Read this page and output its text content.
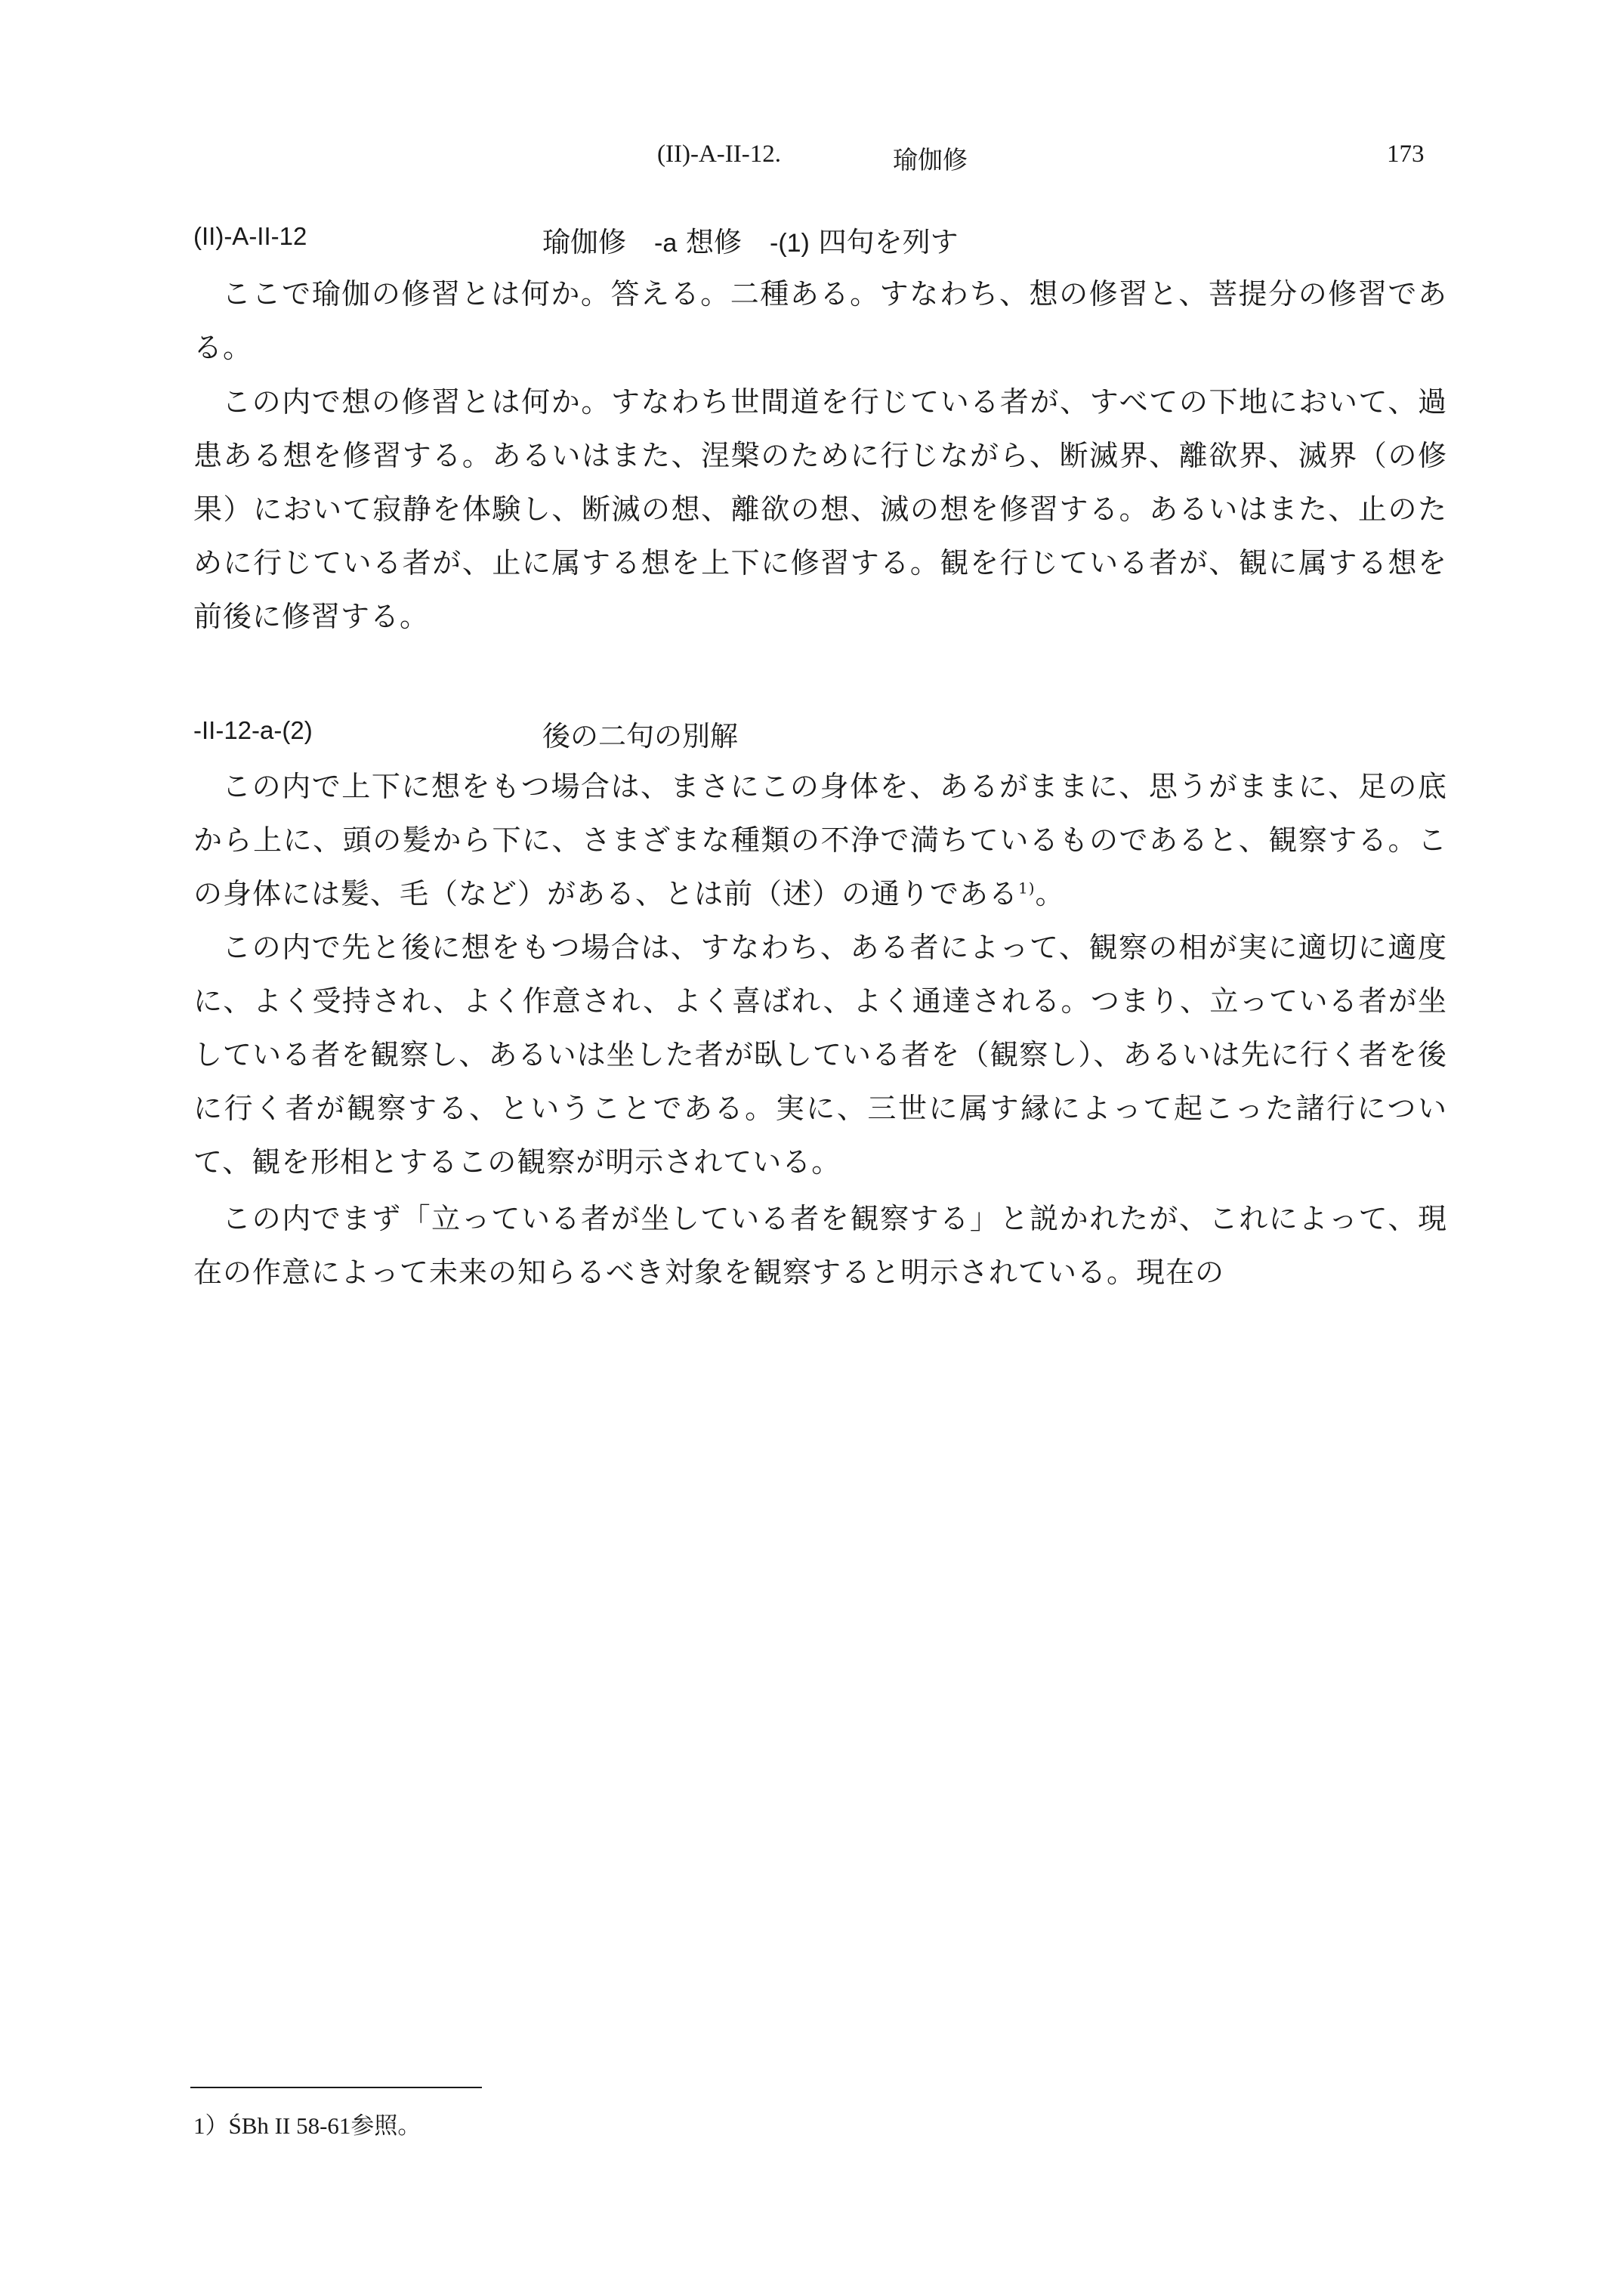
(II)-A-II-12.	瑜伽修	173
(II)-A-II-12	瑜伽修　-a 想修　-(1) 四句を列す

ここで瑜伽の修習とは何か。答える。二種ある。すなわち、想の修習と、菩提分の修習である。

この内で想の修習とは何か。すなわち世間道を行じている者が、すべての下地において、過患ある想を修習する。あるいはまた、涅槃のために行じながら、断滅界、離欲界、滅界（の修果）において寂静を体験し、断滅の想、離欲の想、滅の想を修習する。あるいはまた、止のために行じている者が、止に属する想を上下に修習する。観を行じている者が、観に属する想を前後に修習する。

-II-12-a-(2)	後の二句の別解

この内で上下に想をもつ場合は、まさにこの身体を、あるがままに、思うがままに、足の底から上に、頭の髪から下に、さまざまな種類の不浄で満ちているものであると、観察する。この身体には髪、毛（など）がある、とは前（述）の通りである$^{1)}$。

この内で先と後に想をもつ場合は、すなわち、ある者によって、観察の相が実に適切に適度に、よく受持され、よく作意され、よく喜ばれ、よく通達される。つまり、立っている者が坐している者を観察し、あるいは坐した者が臥している者を（観察し）、あるいは先に行く者を後に行く者が観察する、ということである。実に、三世に属す縁によって起こった諸行について、観を形相とするこの観察が明示されている。

この内でまず「立っている者が坐している者を観察する」と説かれたが、これによって、現在の作意によって未来の知らるべき対象を観察すると明示されている。現在の

1）ŚBh II 58-61参照。
